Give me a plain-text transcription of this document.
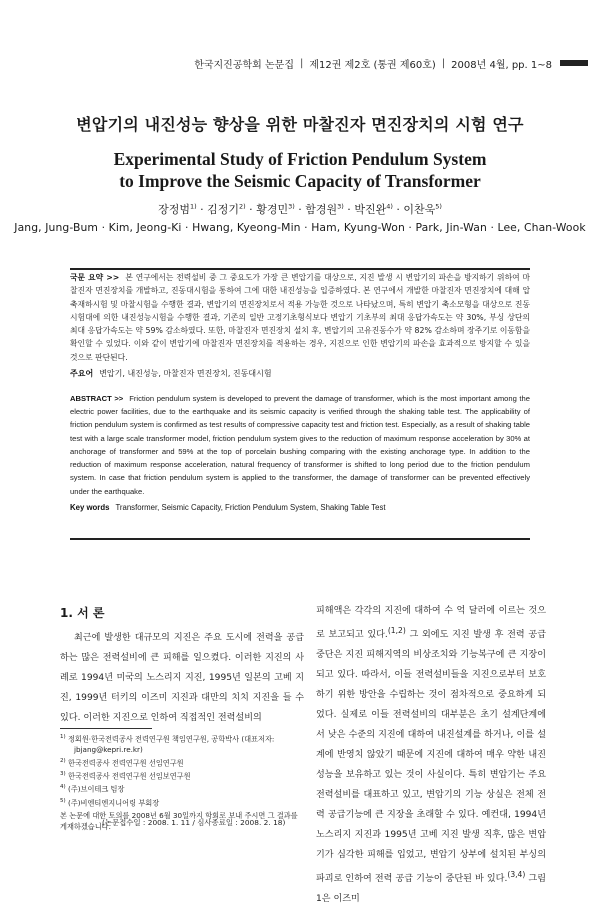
한국지진공학회 논문집 | 제12권 제2호 (통권 제60호) | 2008년 4월, pp. 1~8
변압기의 내진성능 향상을 위한 마찰진자 면진장치의 시험 연구
Experimental Study of Friction Pendulum System
to Improve the Seismic Capacity of Transformer
장정범$^{1)}$ · 김정기$^{2)}$ · 황경민$^{3)}$ · 함경원$^{3)}$ · 박진완$^{4)}$ · 이찬욱$^{5)}$
Jang, Jung-Bum · Kim, Jeong-Ki · Hwang, Kyeong-Min · Ham, Kyung-Won · Park, Jin-Wan · Lee, Chan-Wook

국문 요약 >> 본 연구에서는 전력설비 중 그 중요도가 가장 큰 변압기를 대상으로, 지진 발생 시 변압기의 파손을 방지하기 위하여 마찰진자 면진장치를 개발하고, 진동대시험을 통하여 그에 대한 내진성능을 입증하였다. 본 연구에서 개발한 마찰진자 면진장치에 대해 압축재하시험 및 마찰시험을 수행한 결과, 변압기의 면진장치로서 적용 가능한 것으로 나타났으며, 특히 변압기 축소모형을 대상으로 진동시험대에 의한 내진성능시험을 수행한 결과, 기존의 일반 고정기초형식보다 변압기 기초부의 최대 응답가속도는 약 30%, 부싱 상단의 최대 응답가속도는 약 59% 감소하였다. 또한, 마찰진자 면진장치 설치 후, 변압기의 고유진동수가 약 82% 감소하며 장주기로 이동함을 확인할 수 있었다. 이와 같이 변압기에 마찰진자 면진장치를 적용하는 경우, 지진으로 인한 변압기의 파손을 효과적으로 방지할 수 있을 것으로 판단된다.

주요어 변압기, 내진성능, 마찰진자 면진장치, 진동대시험

ABSTRACT >> Friction pendulum system is developed to prevent the damage of transformer, which is the most important among the electric power facilities, due to the earthquake and its seismic capacity is verified through the shaking table test. The applicability of friction pendulum system is confirmed as test results of compressive capacity test and friction test. Especially, as a result of shaking table test with a large scale transformer model, friction pendulum system gives to the reduction of maximum response acceleration by 30% at anchorage of transformer and 59% at the top of porcelain bushing comparing with the existing anchorage type. In addition to the reduction of maximum response acceleration, natural frequency of transformer is shifted to long period due to the friction pendulum system. In case that friction pendulum system is applied to the transformer, the damage of transformer can be prevented effectively under the earthquake.

Key words Transformer, Seismic Capacity, Friction Pendulum System, Shaking Table Test

1. 서 론

최근에 발생한 대규모의 지진은 주요 도시에 전력을 공급하는 많은 전력설비에 큰 피해를 일으켰다. 이러한 지진의 사례로 1994년 미국의 노스리지 지진, 1995년 일본의 고베 지진, 1999년 터키의 이즈미 지진과 대만의 치치 지진을 들 수 있다. 이러한 지진으로 인하여 직접적인 전력설비의

피해액은 각각의 지진에 대하여 수 억 달러에 이르는 것으로 보고되고 있다.$^{(1,2)}$ 그 외에도 지진 발생 후 전력 공급 중단은 지진 피해지역의 비상조치와 기능복구에 큰 지장이 되고 있다. 따라서, 이들 전력설비들을 지진으로부터 보호하기 위한 방안을 수립하는 것이 점차적으로 중요하게 되었다. 실제로 이들 전력설비의 대부분은 초기 설계단계에서 낮은 수준의 지진에 대하여 내진설계를 하거나, 이를 설계에 반영치 않았기 때문에 지진에 대하여 매우 약한 내진성능을 보유하고 있는 것이 사실이다. 특히 변압기는 주요 전력설비를 대표하고 있고, 변압기의 기능 상실은 전체 전력 공급기능에 큰 지장을 초래할 수 있다. 예컨대, 1994년 노스리지 지진과 1995년 고베 지진 발생 직후, 많은 변압기가 심각한 피해를 입었고, 변압기 상부에 설치된 부싱의 파괴로 인하여 전력 공급 기능이 중단된 바 있다.$^{(3,4)}$ 그림 1은 이즈미

$^{1)}$ 정회원·한국전력공사 전력연구원 책임연구원, 공학박사 (대표저자: jbjang@kepri.re.kr)
$^{2)}$ 한국전력공사 전력연구원 선임연구원
$^{3)}$ 한국전력공사 전력연구원 선임보연구원
$^{4)}$ (주)브이테크 팀장
$^{5)}$ (주)비엔티엔지니어링 부회장
본 논문에 대한 토의를 2008년 6월 30일까지 학회로 보내 주시면 그 결과를 게재하겠습니다.
(논문접수일 : 2008. 1. 11 / 심사종료일 : 2008. 2. 18)
